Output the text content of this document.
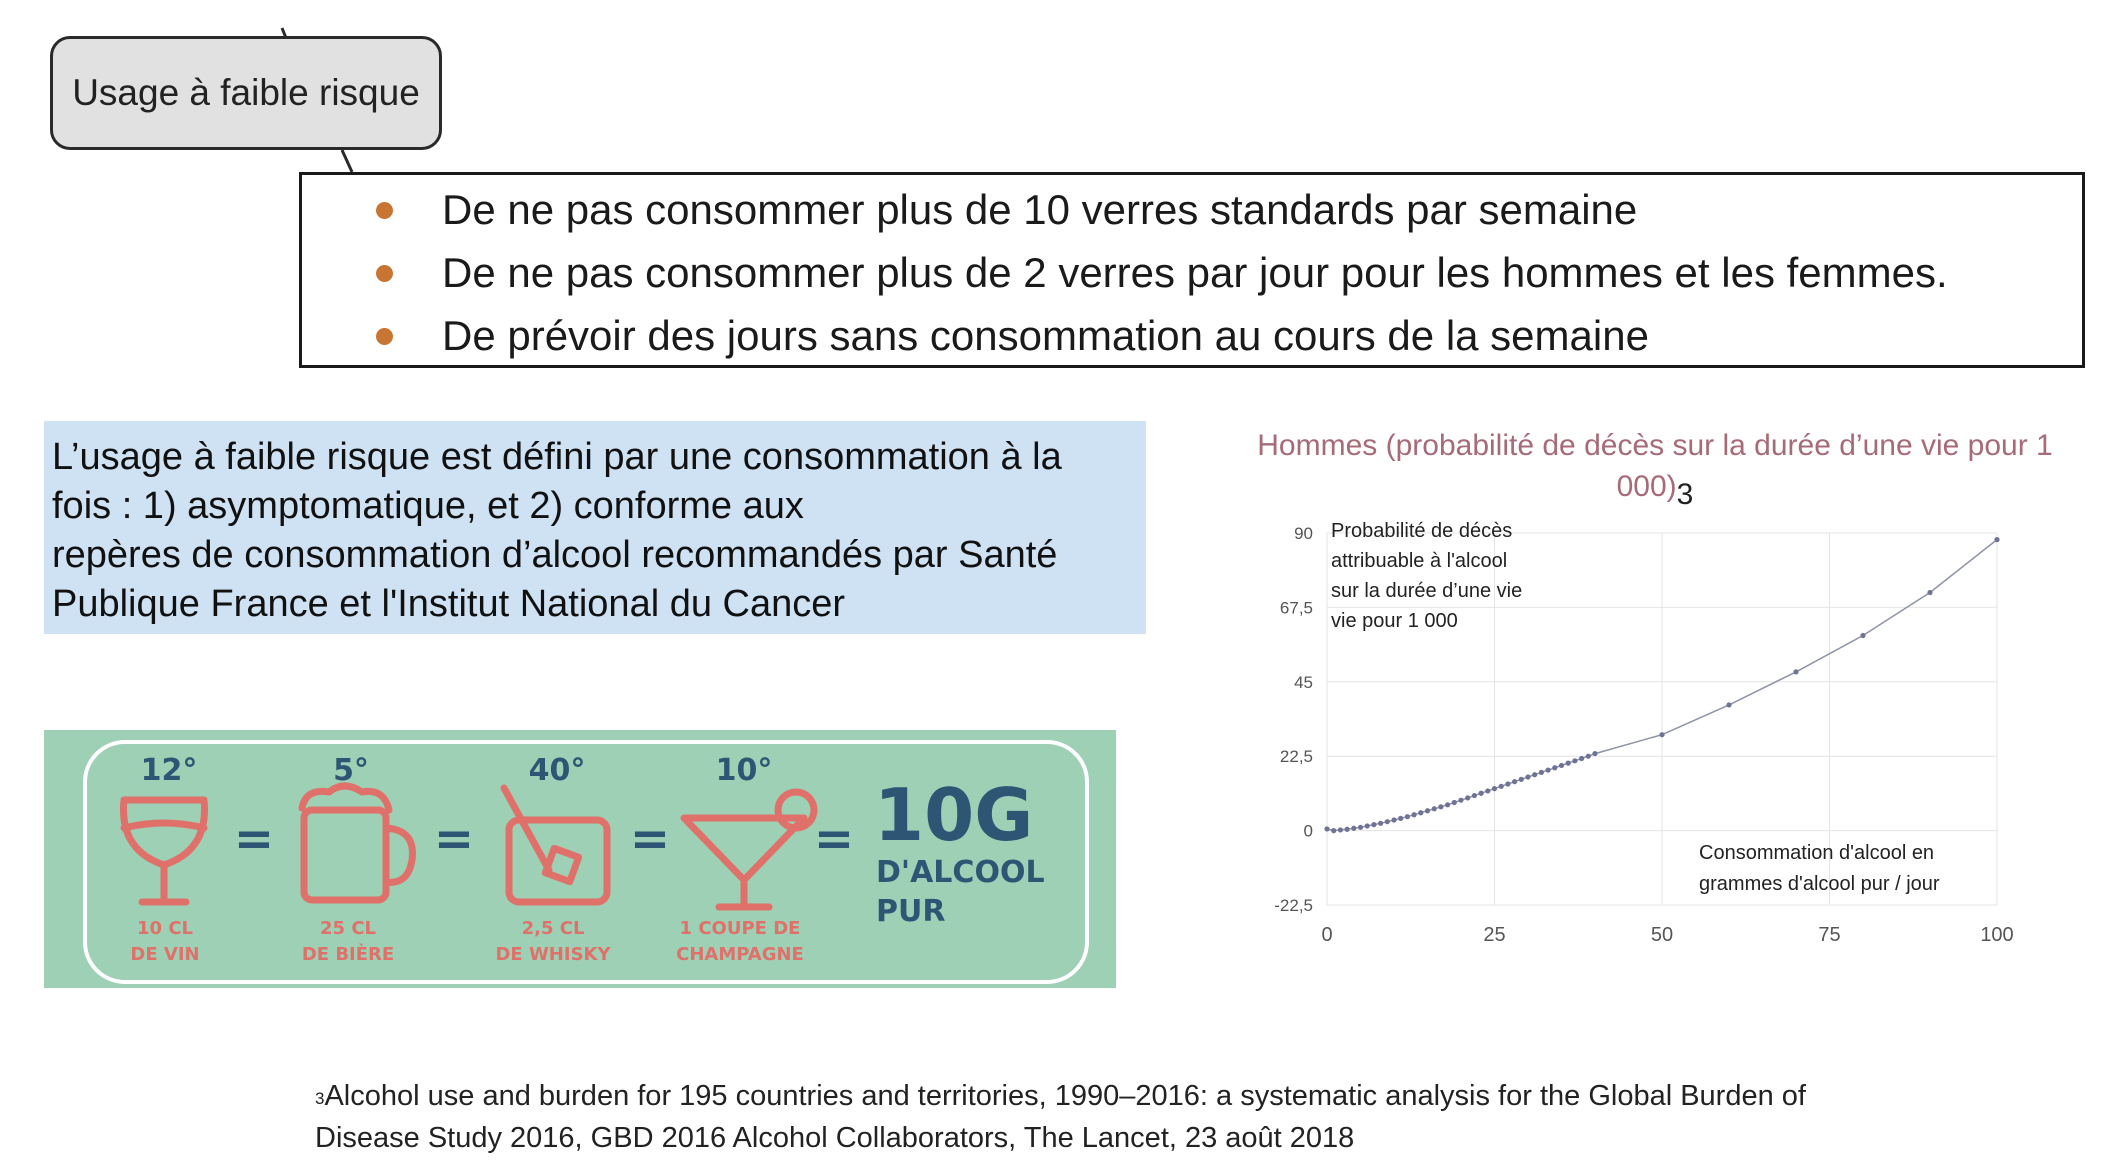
Usage à faible risque
De ne pas consommer plus de 10 verres standards par semaine
De ne pas consommer plus de 2 verres par jour pour les hommes et les femmes.
De prévoir des jours sans consommation au cours de la semaine
L’usage à faible risque est défini par une consommation à la
fois : 1) asymptomatique, et 2) conforme aux
repères de consommation d’alcool recommandés par Santé
Publique France et l'Institut National du Cancer
12°	5°	40°	10°
10 CL
DE VIN
25 CL
DE BIÈRE
2,5 CL
DE WHISKY
1 COUPE DE
CHAMPAGNE
=	=	=	= 10G
D'ALCOOL
PUR
Hommes (probabilité de décès sur la durée d’une vie pour 1 000)3
-22,5
0
22,5
45
67,5
90
0	25	50	75	100
Probabilité de décès
attribuable à l'alcool
sur la durée d’une vie
vie pour 1 000
Consommation d'alcool en
grammes d'alcool pur / jour
$^3$Alcohol use and burden for 195 countries and territories, 1990–2016: a systematic analysis for the Global Burden of
Disease Study 2016, GBD 2016 Alcohol Collaborators, The Lancet, 23 août 2018
